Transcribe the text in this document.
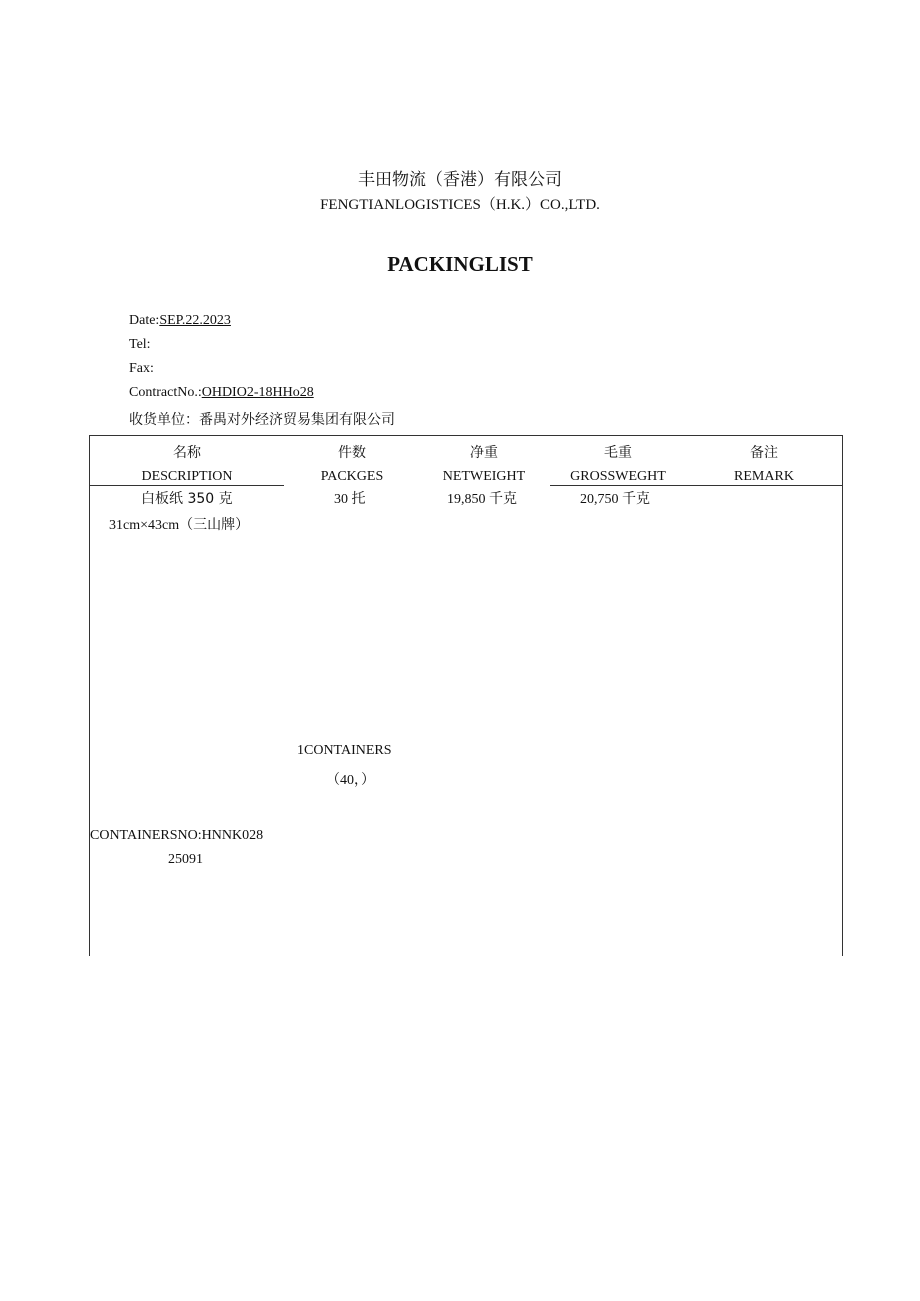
丰田物流（香港）有限公司
FENGTIANLOGISTICES（H.K.）CO.,LTD.
PACKINGLIST
Date:SEP.22.2023
Tel:
Fax:
ContractNo.:OHDIO2-18HHo28
收货单位：番禺对外经济贸易集团有限公司
名称
DESCRIPTION
件数
PACKGES
净重
NETWEIGHT
毛重
GROSSWEGHT
备注
REMARK
白板纸 350 克
31cm×43cm（三山牌）
30 托	19,850 千克	20,750 千克
1CONTAINERS
（40，）
CONTAINERSNO:HNNK028
25091
